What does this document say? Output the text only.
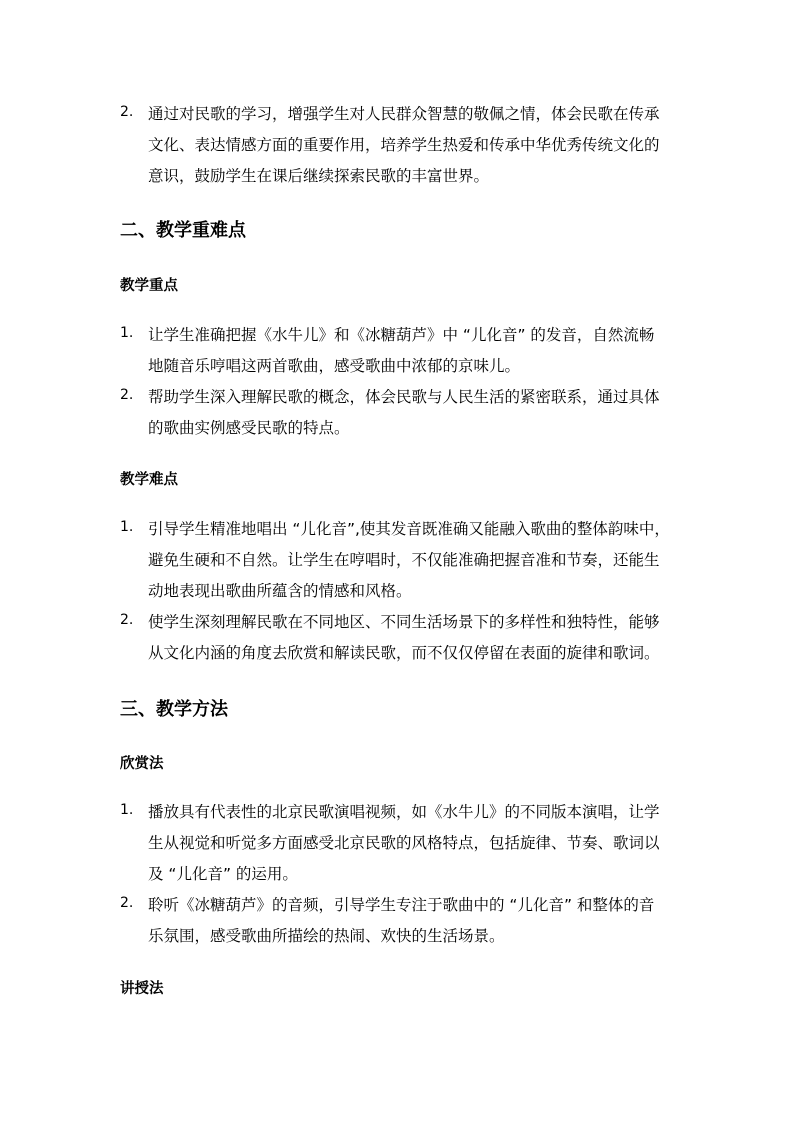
2. 通过对民歌的学习，增强学生对人民群众智慧的敬佩之情，体会民歌在传承
文化、表达情感方面的重要作用，培养学生热爱和传承中华优秀传统文化的
意识，鼓励学生在课后继续探索民歌的丰富世界。
二、教学重难点
教学重点
1. 让学生准确把握《水牛儿》和《冰糖葫芦》中 “儿化音” 的发音，自然流畅
地随音乐哼唱这两首歌曲，感受歌曲中浓郁的京味儿。
2. 帮助学生深入理解民歌的概念，体会民歌与人民生活的紧密联系，通过具体
的歌曲实例感受民歌的特点。
教学难点
1. 引导学生精准地唱出 “儿化音”,使其发音既准确又能融入歌曲的整体韵味中，
避免生硬和不自然。让学生在哼唱时，不仅能准确把握音准和节奏，还能生
动地表现出歌曲所蕴含的情感和风格。
2. 使学生深刻理解民歌在不同地区、不同生活场景下的多样性和独特性，能够
从文化内涵的角度去欣赏和解读民歌，而不仅仅停留在表面的旋律和歌词。
三、教学方法
欣赏法
1. 播放具有代表性的北京民歌演唱视频，如《水牛儿》的不同版本演唱，让学
生从视觉和听觉多方面感受北京民歌的风格特点，包括旋律、节奏、歌词以
及 “儿化音” 的运用。
2. 聆听《冰糖葫芦》的音频，引导学生专注于歌曲中的 “儿化音” 和整体的音
乐氛围，感受歌曲所描绘的热闹、欢快的生活场景。
讲授法
